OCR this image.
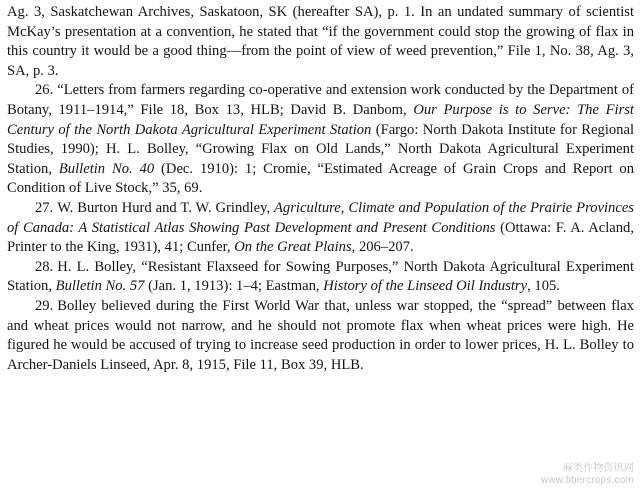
Ag. 3, Saskatchewan Archives, Saskatoon, SK (hereafter SA), p. 1. In an undated summary of scientist McKay’s presentation at a convention, he stated that “if the government could stop the growing of flax in this country it would be a good thing—from the point of view of weed prevention,” File 1, No. 38, Ag. 3, SA, p. 3.

26. “Letters from farmers regarding co-operative and extension work conducted by the Department of Botany, 1911–1914,” File 18, Box 13, HLB; David B. Danbom, Our Purpose is to Serve: The First Century of the North Dakota Agricultural Experiment Station (Fargo: North Dakota Institute for Regional Studies, 1990); H. L. Bolley, “Growing Flax on Old Lands,” North Dakota Agricultural Experiment Station, Bulletin No. 40 (Dec. 1910): 1; Cromie, “Estimated Acreage of Grain Crops and Report on Condition of Live Stock,” 35, 69.

27. W. Burton Hurd and T. W. Grindley, Agriculture, Climate and Population of the Prairie Provinces of Canada: A Statistical Atlas Showing Past Development and Present Conditions (Ottawa: F. A. Acland, Printer to the King, 1931), 41; Cunfer, On the Great Plains, 206–207.

28. H. L. Bolley, “Resistant Flaxseed for Sowing Purposes,” North Dakota Agricultural Experiment Station, Bulletin No. 57 (Jan. 1, 1913): 1–4; Eastman, History of the Linseed Oil Industry, 105.

29. Bolley believed during the First World War that, unless war stopped, the “spread” between flax and wheat prices would not narrow, and he should not promote flax when wheat prices were high. He figured he would be accused of trying to increase seed production in order to lower prices, H. L. Bolley to Archer-Daniels Linseed, Apr. 8, 1915, File 11, Box 39, HLB.

麻类作物资讯网
www.fibercrops.com
